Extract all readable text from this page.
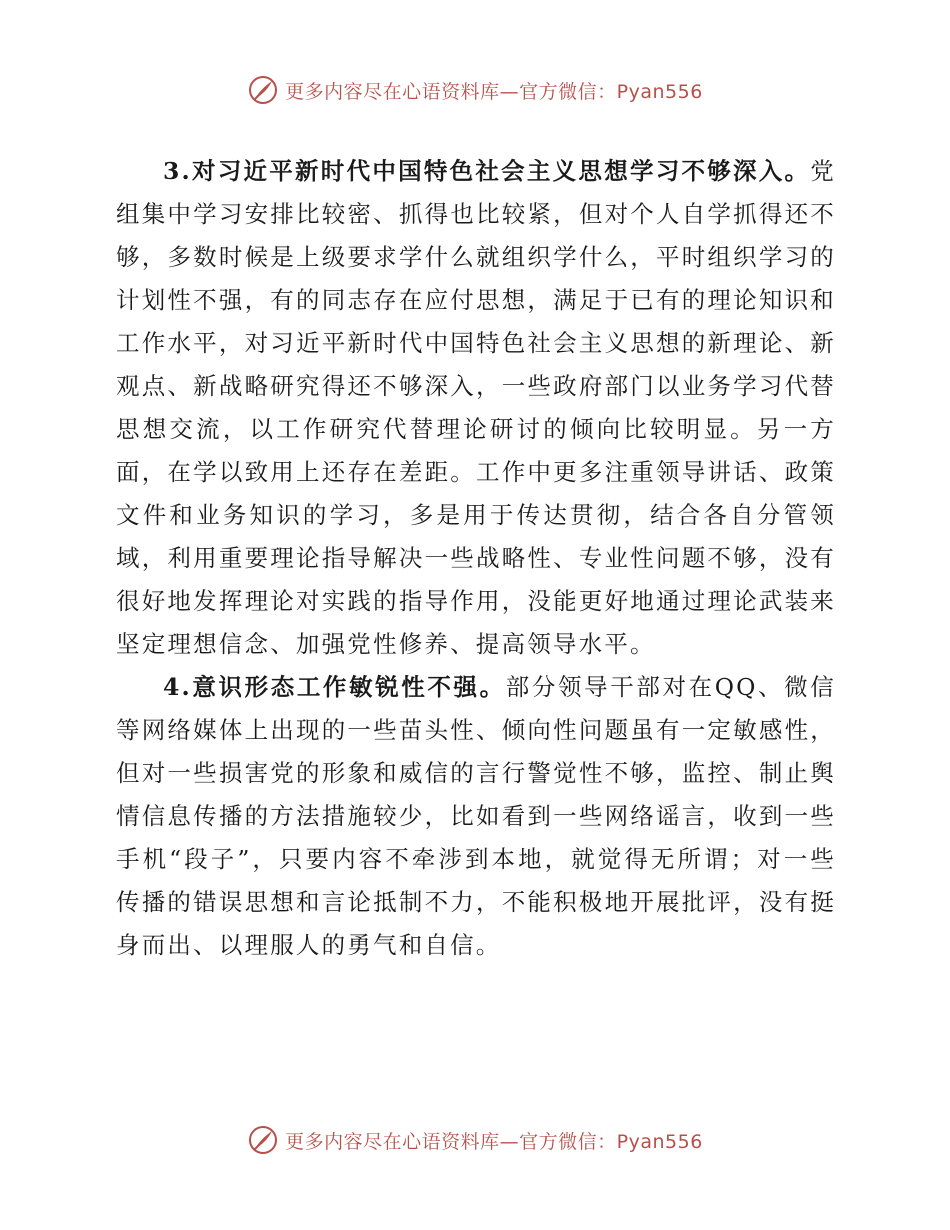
更多内容尽在心语资料库—官方微信：Pyan556

3.对习近平新时代中国特色社会主义思想学习不够深入。党组集中学习安排比较密、抓得也比较紧，但对个人自学抓得还不够，多数时候是上级要求学什么就组织学什么，平时组织学习的计划性不强，有的同志存在应付思想，满足于已有的理论知识和工作水平，对习近平新时代中国特色社会主义思想的新理论、新观点、新战略研究得还不够深入，一些政府部门以业务学习代替思想交流，以工作研究代替理论研讨的倾向比较明显。另一方面，在学以致用上还存在差距。工作中更多注重领导讲话、政策文件和业务知识的学习，多是用于传达贯彻，结合各自分管领域，利用重要理论指导解决一些战略性、专业性问题不够，没有很好地发挥理论对实践的指导作用，没能更好地通过理论武装来坚定理想信念、加强党性修养、提高领导水平。

4.意识形态工作敏锐性不强。部分领导干部对在QQ、微信等网络媒体上出现的一些苗头性、倾向性问题虽有一定敏感性，但对一些损害党的形象和威信的言行警觉性不够，监控、制止舆情信息传播的方法措施较少，比如看到一些网络谣言，收到一些手机“段子”，只要内容不牵涉到本地，就觉得无所谓；对一些传播的错误思想和言论抵制不力，不能积极地开展批评，没有挺身而出、以理服人的勇气和自信。

更多内容尽在心语资料库—官方微信：Pyan556
